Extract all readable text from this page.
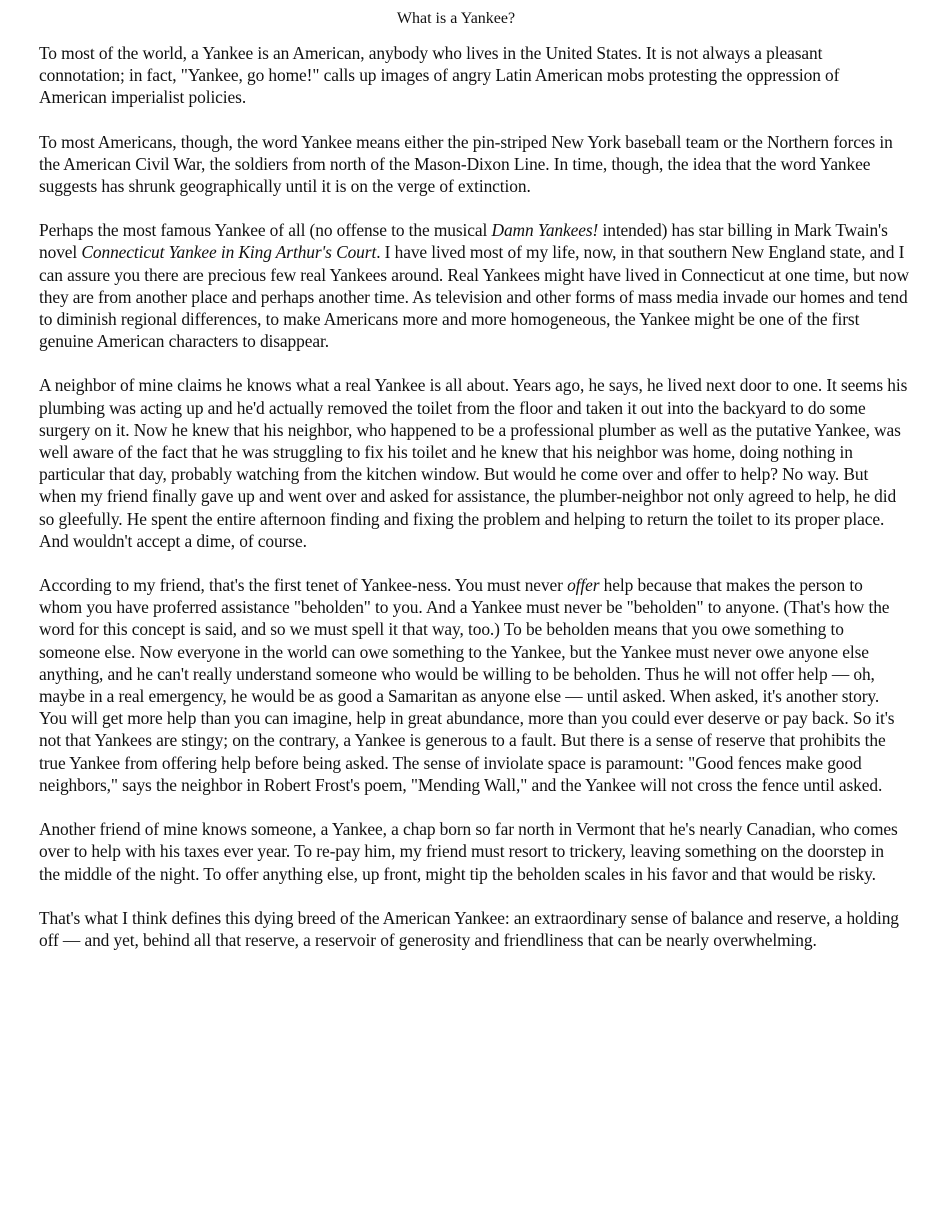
What is a Yankee?

To most of the world, a Yankee is an American, anybody who lives in the United States. It is not always a pleasant connotation; in fact, "Yankee, go home!" calls up images of angry Latin American mobs protesting the oppression of American imperialist policies.

To most Americans, though, the word Yankee means either the pin-striped New York baseball team or the Northern forces in the American Civil War, the soldiers from north of the Mason-Dixon Line. In time, though, the idea that the word Yankee suggests has shrunk geographically until it is on the verge of extinction.

Perhaps the most famous Yankee of all (no offense to the musical Damn Yankees! intended) has star billing in Mark Twain's novel Connecticut Yankee in King Arthur's Court. I have lived most of my life, now, in that southern New England state, and I can assure you there are precious few real Yankees around. Real Yankees might have lived in Connecticut at one time, but now they are from another place and perhaps another time. As television and other forms of mass media invade our homes and tend to diminish regional differences, to make Americans more and more homogeneous, the Yankee might be one of the first genuine American characters to disappear.

A neighbor of mine claims he knows what a real Yankee is all about. Years ago, he says, he lived next door to one. It seems his plumbing was acting up and he'd actually removed the toilet from the floor and taken it out into the backyard to do some surgery on it. Now he knew that his neighbor, who happened to be a professional plumber as well as the putative Yankee, was well aware of the fact that he was struggling to fix his toilet and he knew that his neighbor was home, doing nothing in particular that day, probably watching from the kitchen window. But would he come over and offer to help? No way. But when my friend finally gave up and went over and asked for assistance, the plumber-neighbor not only agreed to help, he did so gleefully. He spent the entire afternoon finding and fixing the problem and helping to return the toilet to its proper place. And wouldn't accept a dime, of course.

According to my friend, that's the first tenet of Yankee-ness. You must never offer help because that makes the person to whom you have proferred assistance "beholden" to you. And a Yankee must never be "beholden" to anyone. (That's how the word for this concept is said, and so we must spell it that way, too.) To be beholden means that you owe something to someone else. Now everyone in the world can owe something to the Yankee, but the Yankee must never owe anyone else anything, and he can't really understand someone who would be willing to be beholden. Thus he will not offer help — oh, maybe in a real emergency, he would be as good a Samaritan as anyone else — until asked. When asked, it's another story. You will get more help than you can imagine, help in great abundance, more than you could ever deserve or pay back. So it's not that Yankees are stingy; on the contrary, a Yankee is generous to a fault. But there is a sense of reserve that prohibits the true Yankee from offering help before being asked. The sense of inviolate space is paramount: "Good fences make good neighbors," says the neighbor in Robert Frost's poem, "Mending Wall," and the Yankee will not cross the fence until asked.

Another friend of mine knows someone, a Yankee, a chap born so far north in Vermont that he's nearly Canadian, who comes over to help with his taxes ever year. To re-pay him, my friend must resort to trickery, leaving something on the doorstep in the middle of the night. To offer anything else, up front, might tip the beholden scales in his favor and that would be risky.

That's what I think defines this dying breed of the American Yankee: an extraordinary sense of balance and reserve, a holding off — and yet, behind all that reserve, a reservoir of generosity and friendliness that can be nearly overwhelming.
